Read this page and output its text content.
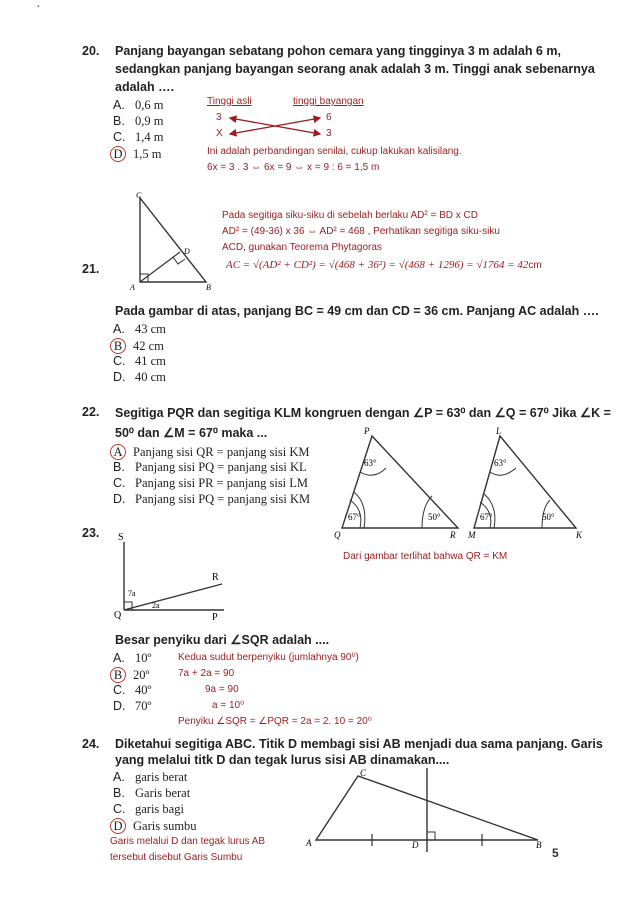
·
20. Panjang bayangan sebatang pohon cemara yang tingginya 3 m adalah 6 m,
sedangkan panjang bayangan seorang anak adalah 3 m. Tinggi anak sebenarnya
adalah ….
A. 0,6 m
B. 0,9 m
C. 1,4 m
D 1,5 m
Tinggi asli	tinggi bayangan
3	6
X	3
Ini adalah perbandingan senilai, cukup lakukan kalisilang.
6x = 3 . 3 ⇔ 6x = 9 ⇔ x = 9 : 6 = 1,5 m
C
D
A	B
21.
Pada segitiga siku-siku di sebelah berlaku AD² = BD x CD
AD² = (49-36) x 36 ⇔ AD² = 468 , Perhatikan segitiga siku-siku
ACD, gunakan Teorema Phytagoras
AC = √(AD² + CD²) = √(468 + 36²) = √(468 + 1296) = √1764 = 42cm
Pada gambar di atas, panjang BC = 49 cm dan CD = 36 cm. Panjang AC adalah ….
A. 43 cm
B 42 cm
C. 41 cm
D. 40 cm
22. Segitiga PQR dan segitiga KLM kongruen dengan ∠P = 63⁰ dan ∠Q = 67⁰ Jika ∠K =
50⁰ dan ∠M = 67⁰ maka ...
A Panjang sisi QR = panjang sisi KM
B. Panjang sisi PQ = panjang sisi KL
C. Panjang sisi PR = panjang sisi LM
D. Panjang sisi PQ = panjang sisi KM
P
Q	R
63°
67°	50°
L
M	K
63°
67°	50°
Dari gambar terlihat bahwa QR = KM
23. S
R
Q	P
7a
2a
Besar penyiku dari ∠SQR adalah ....
A. 10º
B 20º
C. 40º
D. 70º
Kedua sudut berpenyiku (jumlahnya 90⁰)
7a + 2a = 90
9a = 90
a = 10⁰
Penyiku ∠SQR = ∠PQR = 2a = 2. 10 = 20⁰
24. Diketahui segitiga ABC. Titik D membagi sisi AB menjadi dua sama panjang. Garis
yang melalui titk D dan tegak lurus sisi AB dinamakan....
A. garis berat
B. Garis berat
C. garis bagi
D Garis sumbu
C
A	D	B
Garis melalui D dan tegak lurus AB
tersebut disebut Garis Sumbu	5
